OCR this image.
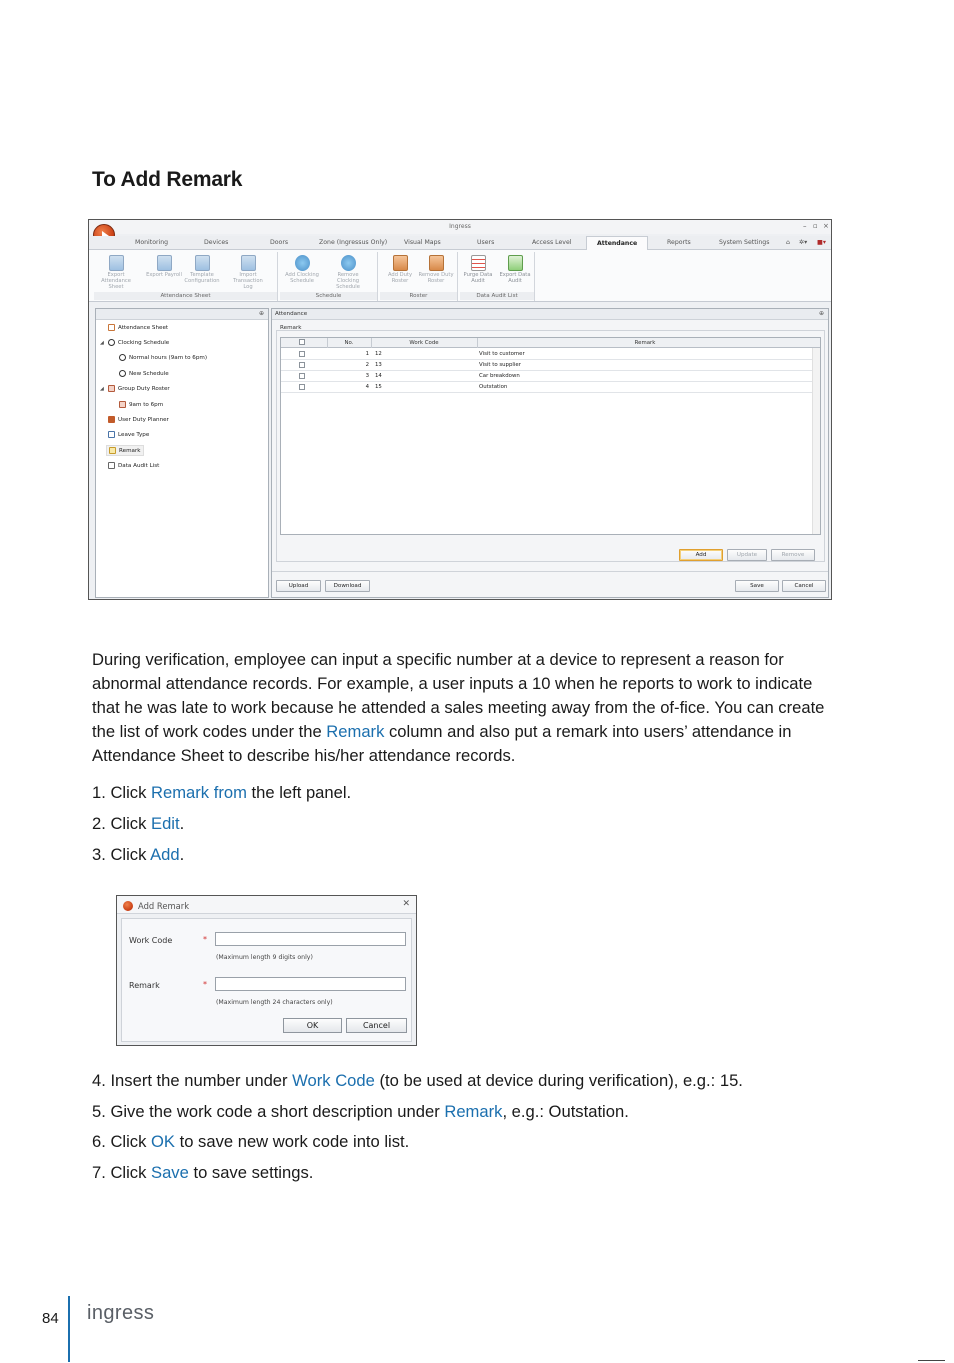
To Add Remark
Ingress	– ▫ ×
Monitoring	Devices	Doors	Zone (Ingressus Only)	Visual Maps	Users	Access Level	Attendance	Reports	System Settings	⌂ ✲▾ ■▾
Export Attendance Sheet
Export Payroll	Template Configuration
Import Transaction Log
Attendance Sheet
Add Clocking Schedule
Remove Clocking Schedule
Schedule
Add Duty Roster
Remove Duty Roster
Roster
Purge Data Audit
Export Data Audit
Data Audit List
⊕
Attendance Sheet
◢	Clocking Schedule
Normal hours (9am to 6pm)
New Schedule
◢	Group Duty Roster
9am to 6pm
User Duty Planner
Leave Type
Remark
Data Audit List
Attendance	⊕
Remark
No.	Work Code	Remark
1 12	Visit to customer
2 13	Visit to supplier
3 14	Car breakdown
4 15	Outstation
Add	Update	Remove
Upload	Download	Save	Cancel

During verification, employee can input a specific number at a device to represent a reason for abnormal attendance records. For example, a user inputs a 10 when he reports to work to indicate that he was late to work because he attended a sales meeting away from the of-fice. You can create the list of work codes under the Remark column and also put a remark into users’ attendance in Attendance Sheet to describe his/her attendance records.

1. Click Remark from the left panel.
2. Click Edit.
3. Click Add.
Add Remark	✕
Work Code	*
(Maximum length 9 digits only)
Remark	*
(Maximum length 24 characters only)
OK	Cancel
4. Insert the number under Work Code (to be used at device during verification), e.g.: 15.
5. Give the work code a short description under Remark, e.g.: Outstation.
6. Click OK to save new work code into list.
7. Click Save to save settings.
84 ingress
